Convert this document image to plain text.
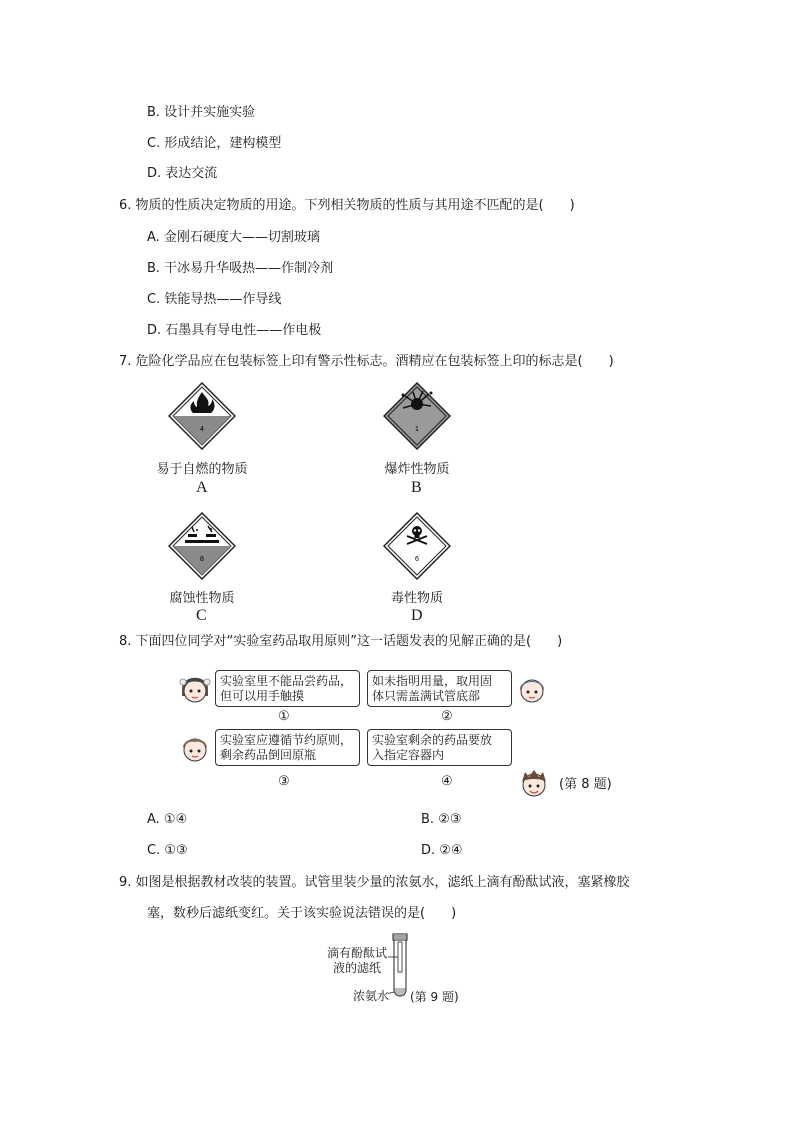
B. 设计并实施实验
C. 形成结论，建构模型
D. 表达交流
6. 物质的性质决定物质的用途。下列相关物质的性质与其用途不匹配的是(　　)
A. 金刚石硬度大——切割玻璃
B. 干冰易升华吸热——作制冷剂
C. 铁能导热——作导线
D. 石墨具有导电性——作电极
7. 危险化学品应在包装标签上印有警示性标志。酒精应在包装标签上印的标志是(　　)
4
易于自燃的物质
A
1
爆炸性物质
B
8
腐蚀性物质
C
6
毒性物质
D
8. 下面四位同学对“实验室药品取用原则”这一话题发表的见解正确的是(　　)
实验室里不能品尝药品，
但可以用手触摸
①
如未指明用量，取用固
体只需盖满试管底部
②
实验室应遵循节约原则，
剩余药品倒回原瓶
③
实验室剩余的药品要放
入指定容器内
④	(第 8 题)
A. ①④	B. ②③
C. ①③	D. ②④
9. 如图是根据教材改装的装置。试管里装少量的浓氨水，滤纸上滴有酚酞试液，塞紧橡胶
塞，数秒后滤纸变红。关于该实验说法错误的是(　　)
滴有酚酞试
液的滤纸
浓氨水 (第 9 题)
